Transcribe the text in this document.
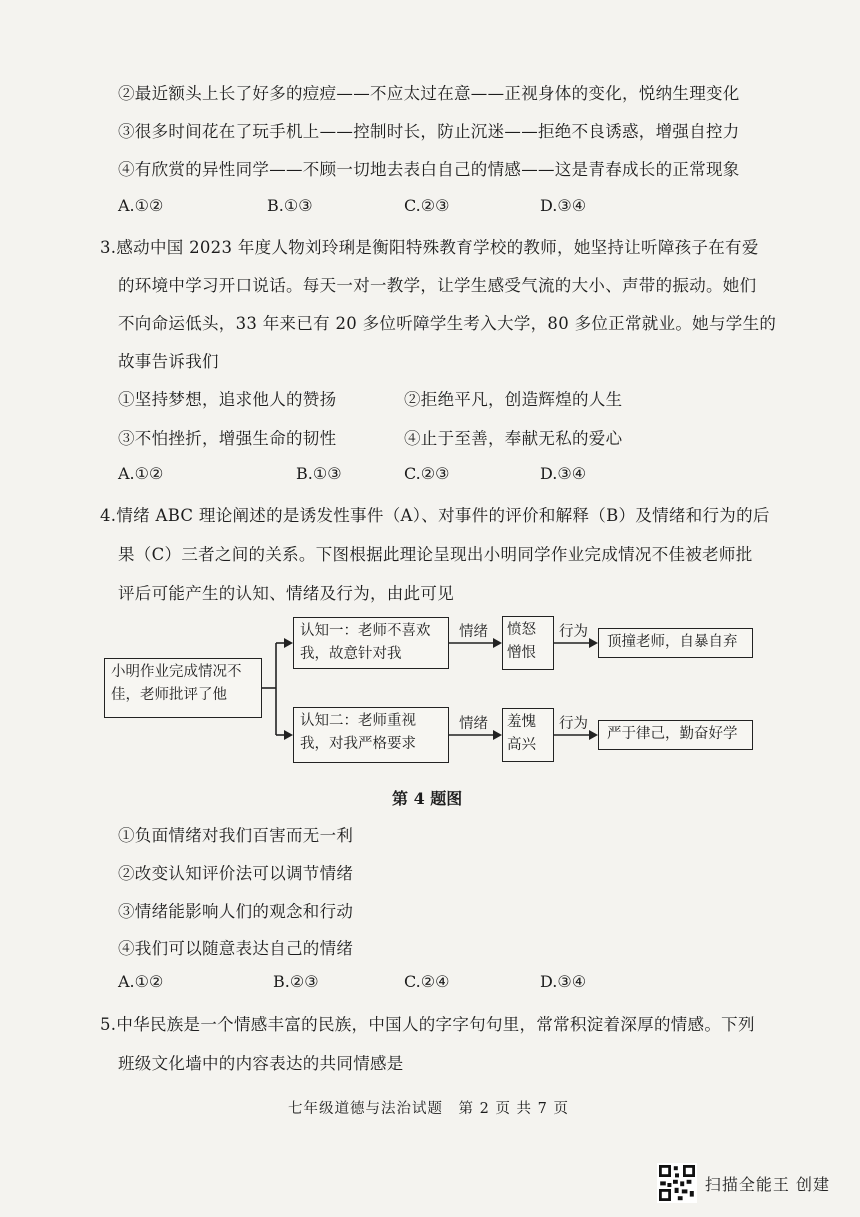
②最近额头上长了好多的痘痘——不应太过在意——正视身体的变化，悦纳生理变化
③很多时间花在了玩手机上——控制时长，防止沉迷——拒绝不良诱惑，增强自控力
④有欣赏的异性同学——不顾一切地去表白自己的情感——这是青春成长的正常现象
A.①②	B.①③	C.②③	D.③④
3.感动中国 2023 年度人物刘玲琍是衡阳特殊教育学校的教师，她坚持让听障孩子在有爱
的环境中学习开口说话。每天一对一教学，让学生感受气流的大小、声带的振动。她们
不向命运低头，33 年来已有 20 多位听障学生考入大学，80 多位正常就业。她与学生的
故事告诉我们
①坚持梦想，追求他人的赞扬	②拒绝平凡，创造辉煌的人生
③不怕挫折，增强生命的韧性	④止于至善，奉献无私的爱心
A.①②	B.①③	C.②③	D.③④
4.情绪 ABC 理论阐述的是诱发性事件（A）、对事件的评价和解释（B）及情绪和行为的后
果（C）三者之间的关系。下图根据此理论呈现出小明同学作业完成情况不佳被老师批
评后可能产生的认知、情绪及行为，由此可见
小明作业完成情况不佳，老师批评了他
认知一：老师不喜欢我，故意针对我
认知二：老师重视我，对我严格要求
愤怒憎恨
羞愧高兴
顶撞老师，自暴自弃
严于律己，勤奋好学
情绪
情绪
行为
行为
第 4 题图
①负面情绪对我们百害而无一利
②改变认知评价法可以调节情绪
③情绪能影响人们的观念和行动
④我们可以随意表达自己的情绪
A.①②	B.②③	C.②④	D.③④
5.中华民族是一个情感丰富的民族，中国人的字字句句里，常常积淀着深厚的情感。下列
班级文化墙中的内容表达的共同情感是
七年级道德与法治试题　第 2 页 共 7 页
扫描全能王 创建
